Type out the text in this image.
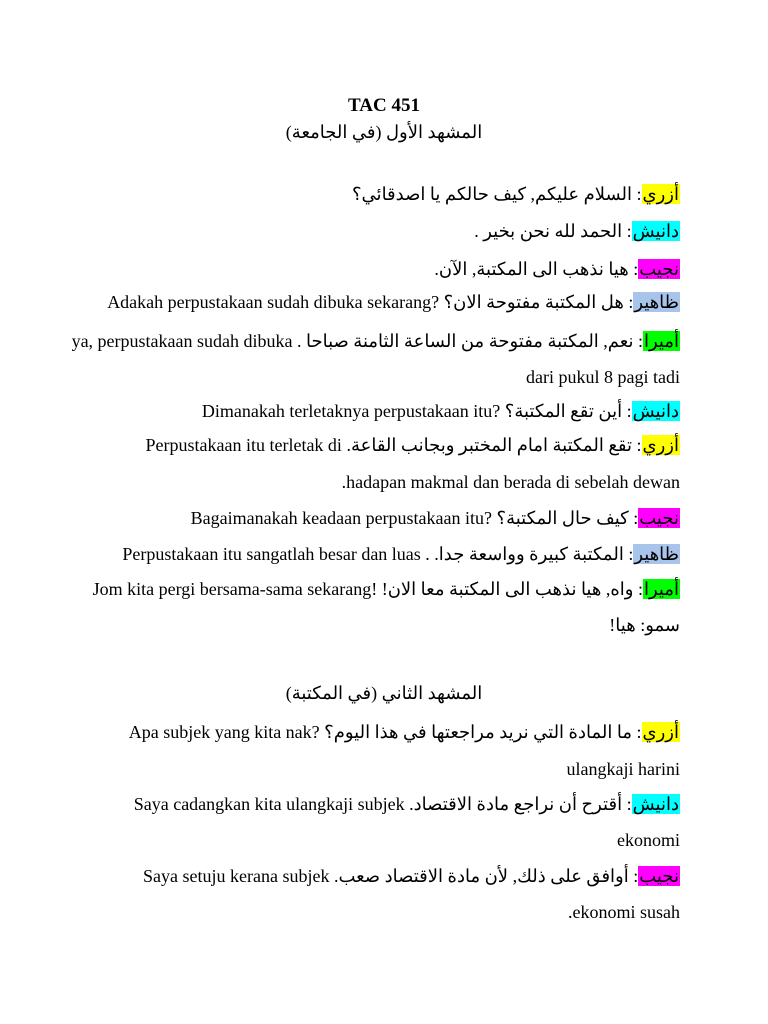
TAC 451
المشهد الأول (في الجامعة)
أزري: السلام عليكم, كيف حالكم يا اصدقائي؟
دانيش: الحمد لله نحن بخير .
نجيب: هيا نذهب الى المكتبة, الآن.
ظاهير: هل المكتبة مفتوحة الان؟ Adakah perpustakaan sudah dibuka sekarang?
أميرا: نعم, المكتبة مفتوحة من الساعة الثامنة صباحا . ya, perpustakaan sudah dibuka
dari pukul 8 pagi tadi
دانيش: أين تقع المكتبة؟ Dimanakah terletaknya perpustakaan itu?
أزري: تقع المكتبة امام المختبر وبجانب القاعة. Perpustakaan itu terletak di
.hadapan makmal dan berada di sebelah dewan
نجيب: كيف حال المكتبة؟ Bagaimanakah keadaan perpustakaan itu?
ظاهير: المكتبة كبيرة وواسعة جدا. Perpustakaan itu sangatlah besar dan luas .
أميرا: واه, هيا نذهب الى المكتبة معا الان! Jom kita pergi bersama-sama sekarang!
سمو: هيا!
المشهد الثاني (في المكتبة)
أزري: ما المادة التي نريد مراجعتها في هذا اليوم؟ Apa subjek yang kita nak?
ulangkaji harini
دانيش: أقترح أن نراجع مادة الاقتصاد. Saya cadangkan kita ulangkaji subjek
ekonomi
نجيب: أوافق على ذلك, لأن مادة الاقتصاد صعب. Saya setuju kerana subjek
.ekonomi susah
